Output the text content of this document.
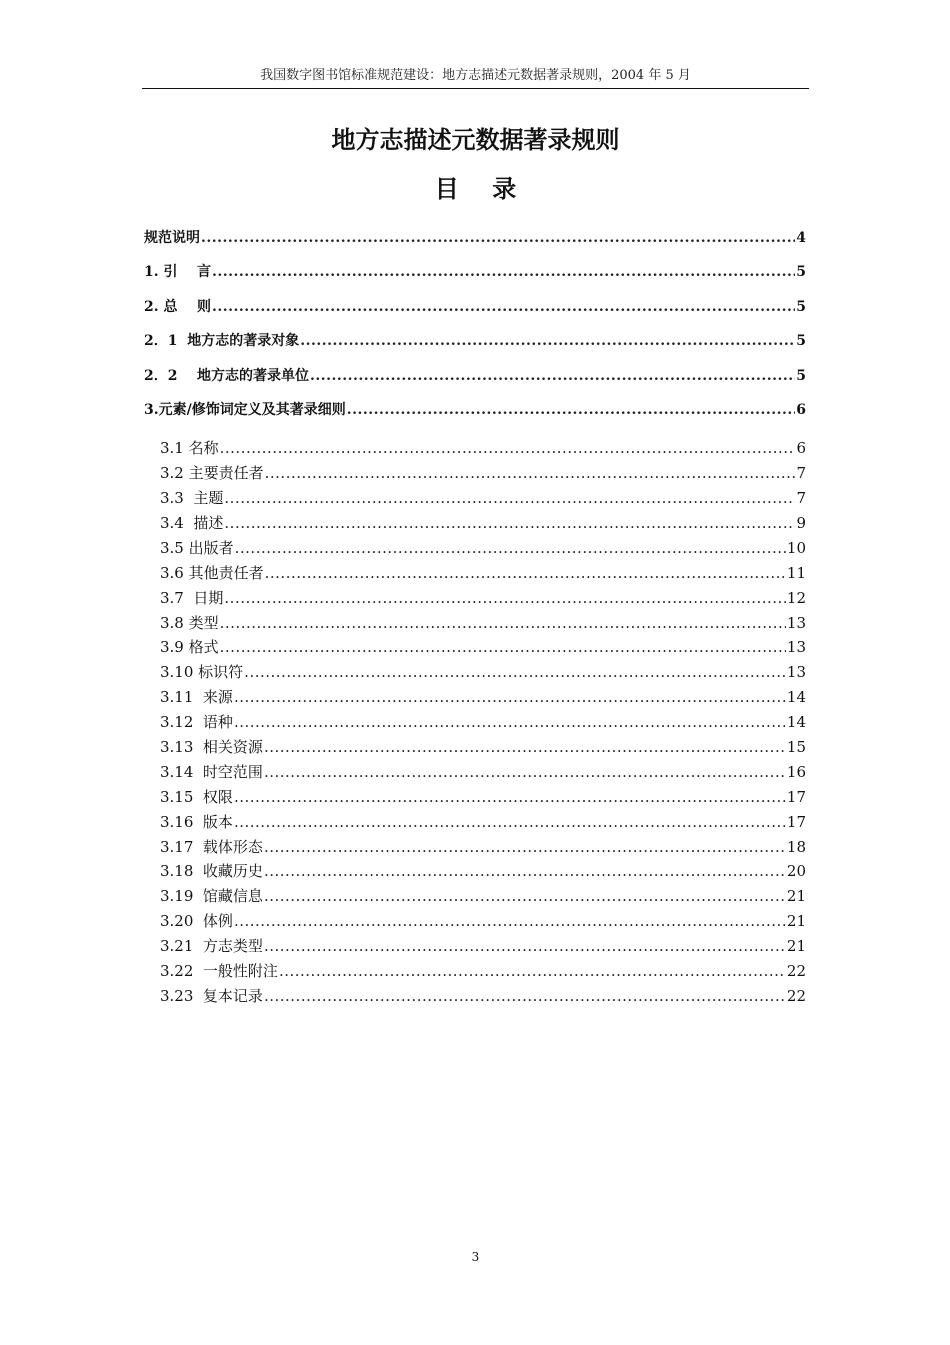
我国数字图书馆标准规范建设：地方志描述元数据著录规则，2004 年 5 月
地方志描述元数据著录规则
目    录
规范说明 .....	4
1. 引    言 .....	5
2. 总    则 .....	5
2．1  地方志的著录对象 .....	5
2．2    地方志的著录单位 .....	5
3.元素/修饰词定义及其著录细则 .....	6
3.1 名称 .....	6
3.2 主要责任者 .....	7
3.3  主题 .....	7
3.4  描述 .....	9
3.5 出版者 .....	10
3.6 其他责任者 .....	11
3.7  日期 .....	12
3.8 类型 .....	13
3.9 格式 .....	13
3.10 标识符 .....	13
3.11  来源 .....	14
3.12  语种 .....	14
3.13  相关资源 .....	15
3.14  时空范围 .....	16
3.15  权限 .....	17
3.16  版本 .....	17
3.17  载体形态 .....	18
3.18  收藏历史 .....	20
3.19  馆藏信息 .....	21
3.20  体例 .....	21
3.21  方志类型 .....	21
3.22  一般性附注 .....	22
3.23  复本记录 .....	22
3
